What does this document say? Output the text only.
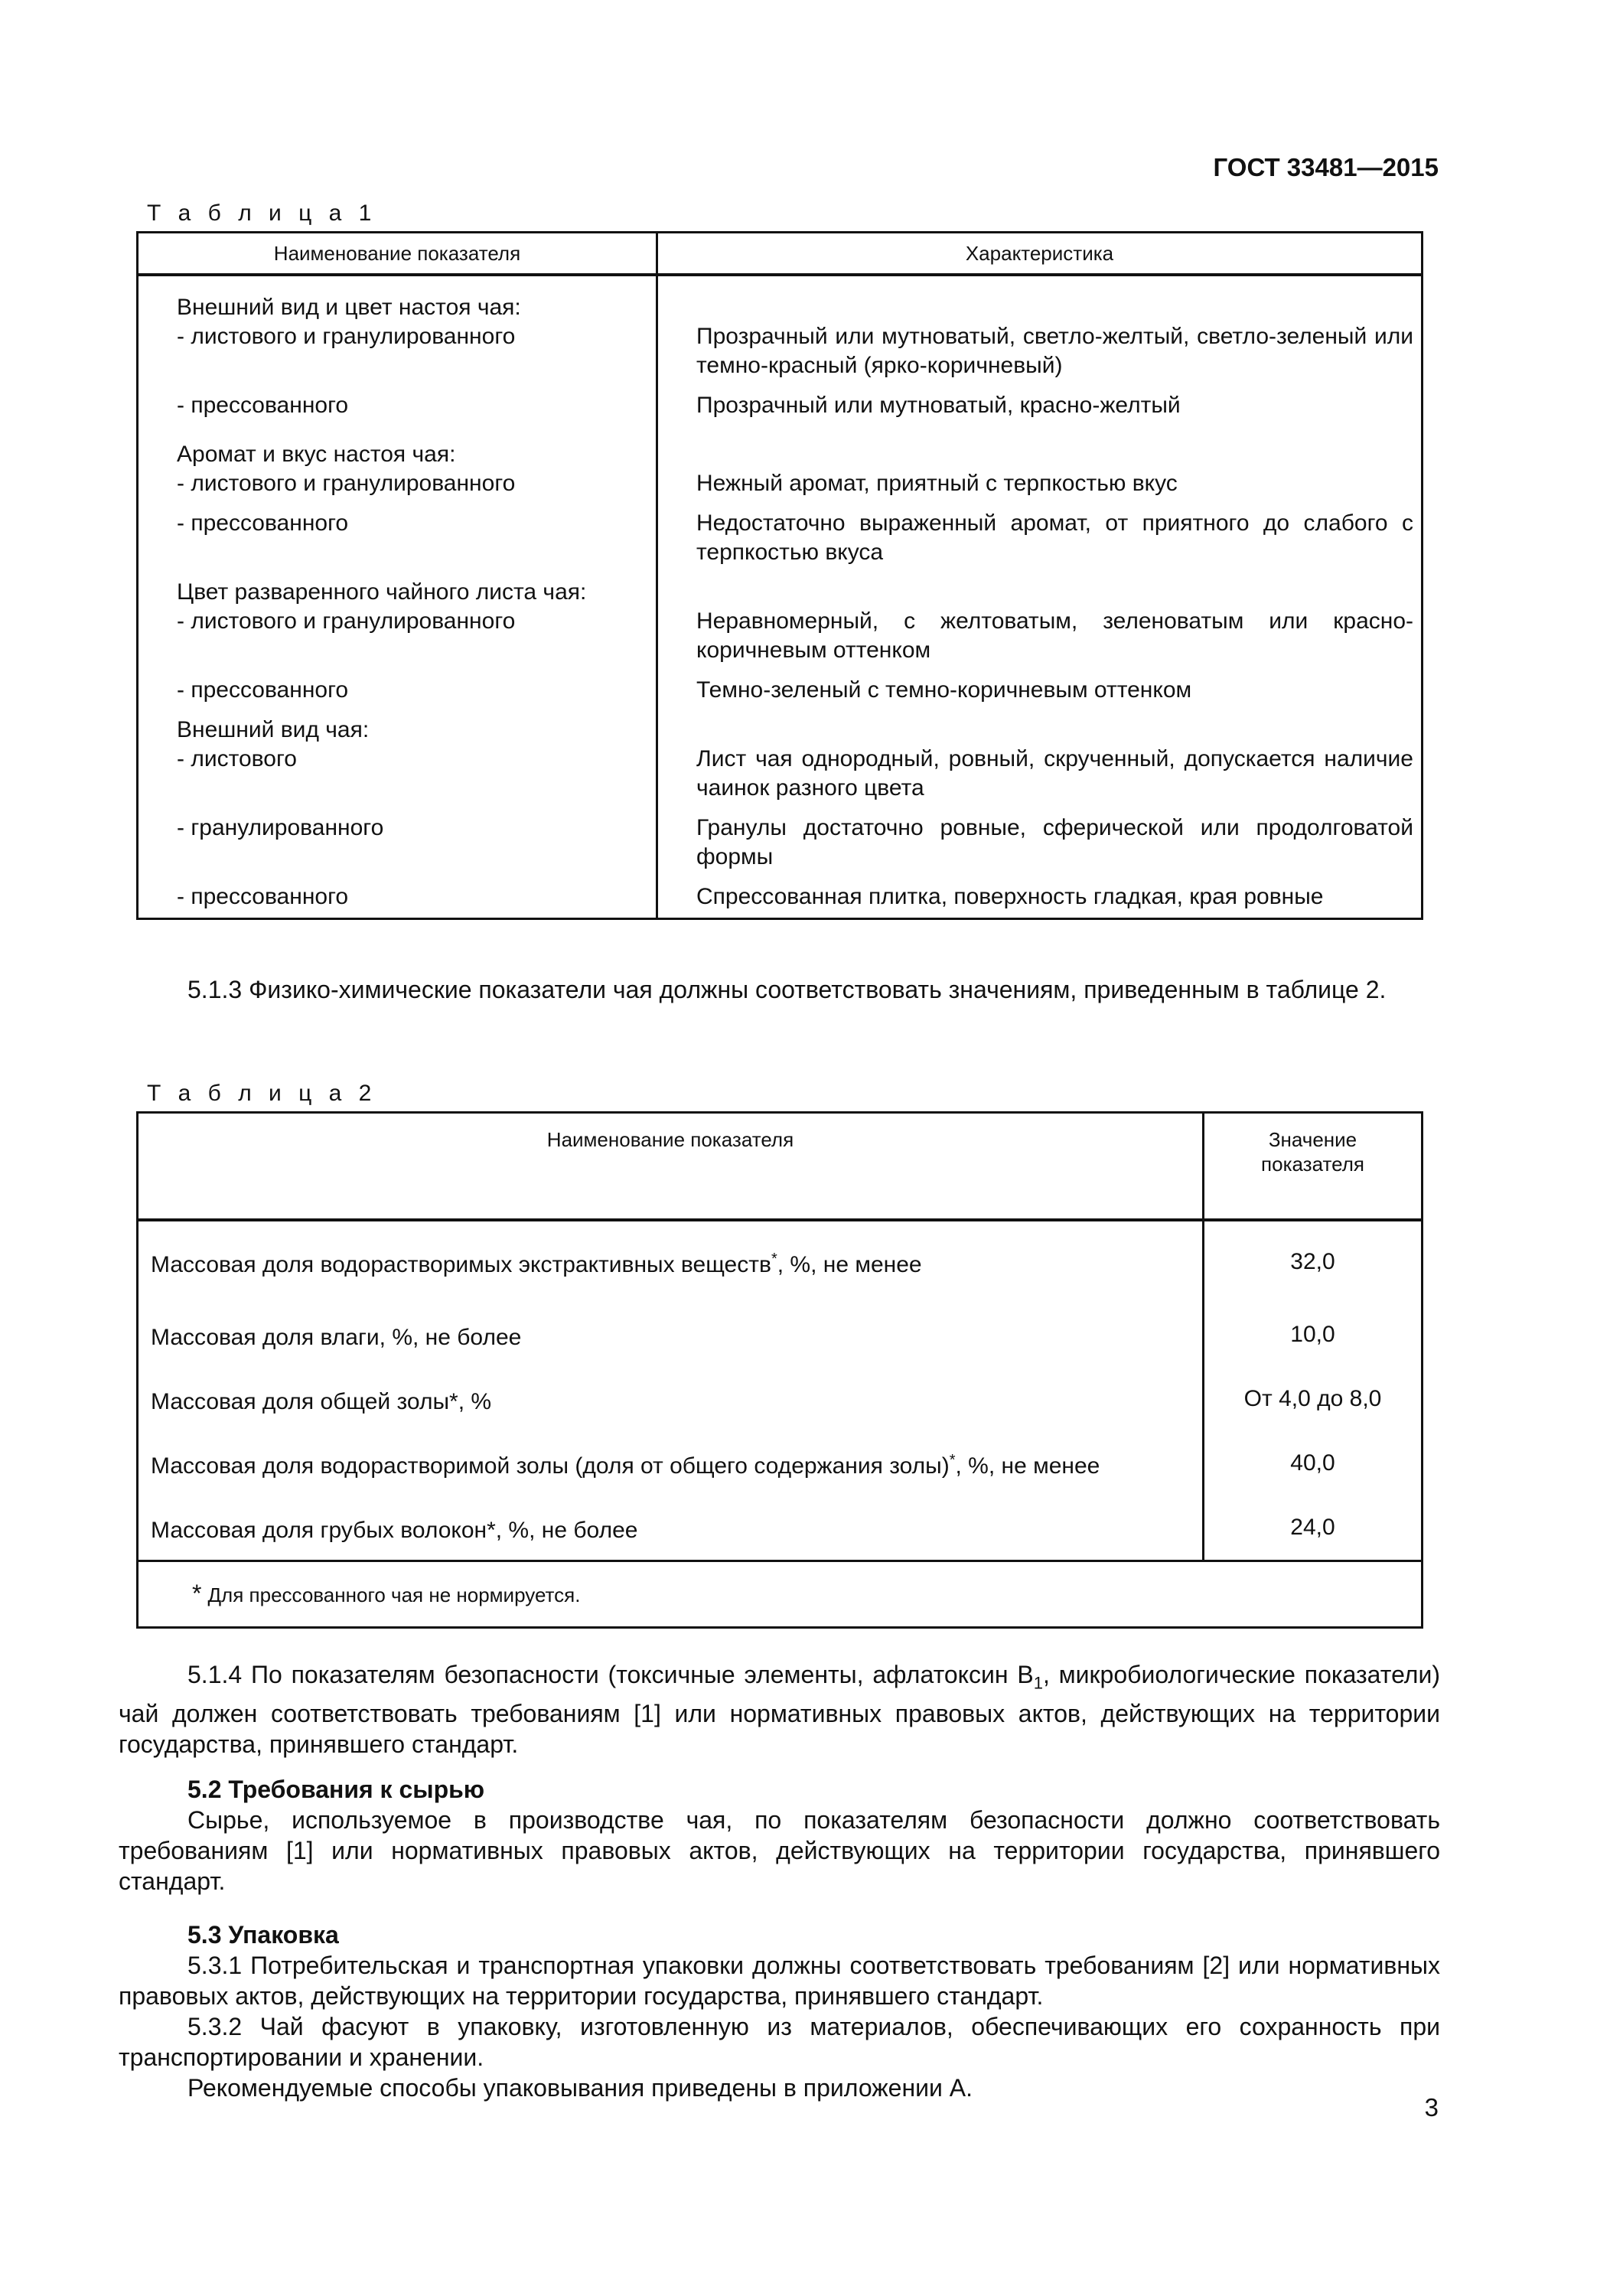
ГОСТ 33481—2015
Т а б л и ц а 1
Наименование показателя	Характеристика
Внешний вид и цвет настоя чая:	
- листового и гранулированного	Прозрачный или мутноватый, светло-желтый, светло-зеленый или темно-красный (ярко-коричневый)
- прессованного	Прозрачный или мутноватый, красно-желтый
Аромат и вкус настоя чая:	
- листового и гранулированного	Нежный аромат, приятный с терпкостью вкус
- прессованного	Недостаточно выраженный аромат, от приятного до слабого с терпкостью вкуса
Цвет разваренного чайного листа чая:	
- листового и гранулированного	Неравномерный, с желтоватым, зеленоватым или красно-коричневым оттенком
- прессованного	Темно-зеленый с темно-коричневым оттенком
Внешний вид чая:	
- листового	Лист чая однородный, ровный, скрученный, допускается наличие чаинок разного цвета
- гранулированного	Гранулы достаточно ровные, сферической или продолговатой формы
- прессованного	Спрессованная плитка, поверхность гладкая, края ровные

5.1.3 Физико-химические показатели чая должны соответствовать значениям, приведенным в таблице 2.

Т а б л и ц а 2
Наименование показателя	Значение
показателя
Массовая доля водорастворимых экстрактивных веществ*, %, не менее	32,0
Массовая доля влаги, %, не более	10,0
Массовая доля общей золы*, %	От 4,0 до 8,0
Массовая доля водорастворимой золы (доля от общего содержания золы)*, %, не менее	40,0
Массовая доля грубых волокон*, %, не более	24,0
* Для прессованного чая не нормируется.	

5.1.4 По показателям безопасности (токсичные элементы, афлатоксин $В_1$, микробиологические показатели) чай должен соответствовать требованиям [1] или нормативных правовых актов, действующих на территории государства, принявшего стандарт.

5.2 Требования к сырью

Сырье, используемое в производстве чая, по показателям безопасности должно соответствовать требованиям [1] или нормативных правовых актов, действующих на территории государства, принявшего стандарт.

5.3 Упаковка

5.3.1 Потребительская и транспортная упаковки должны соответствовать требованиям [2] или нормативных правовых актов, действующих на территории государства, принявшего стандарт.

5.3.2 Чай фасуют в упаковку, изготовленную из материалов, обеспечивающих его сохранность при транспортировании и хранении.

Рекомендуемые способы упаковывания приведены в приложении А.

3
